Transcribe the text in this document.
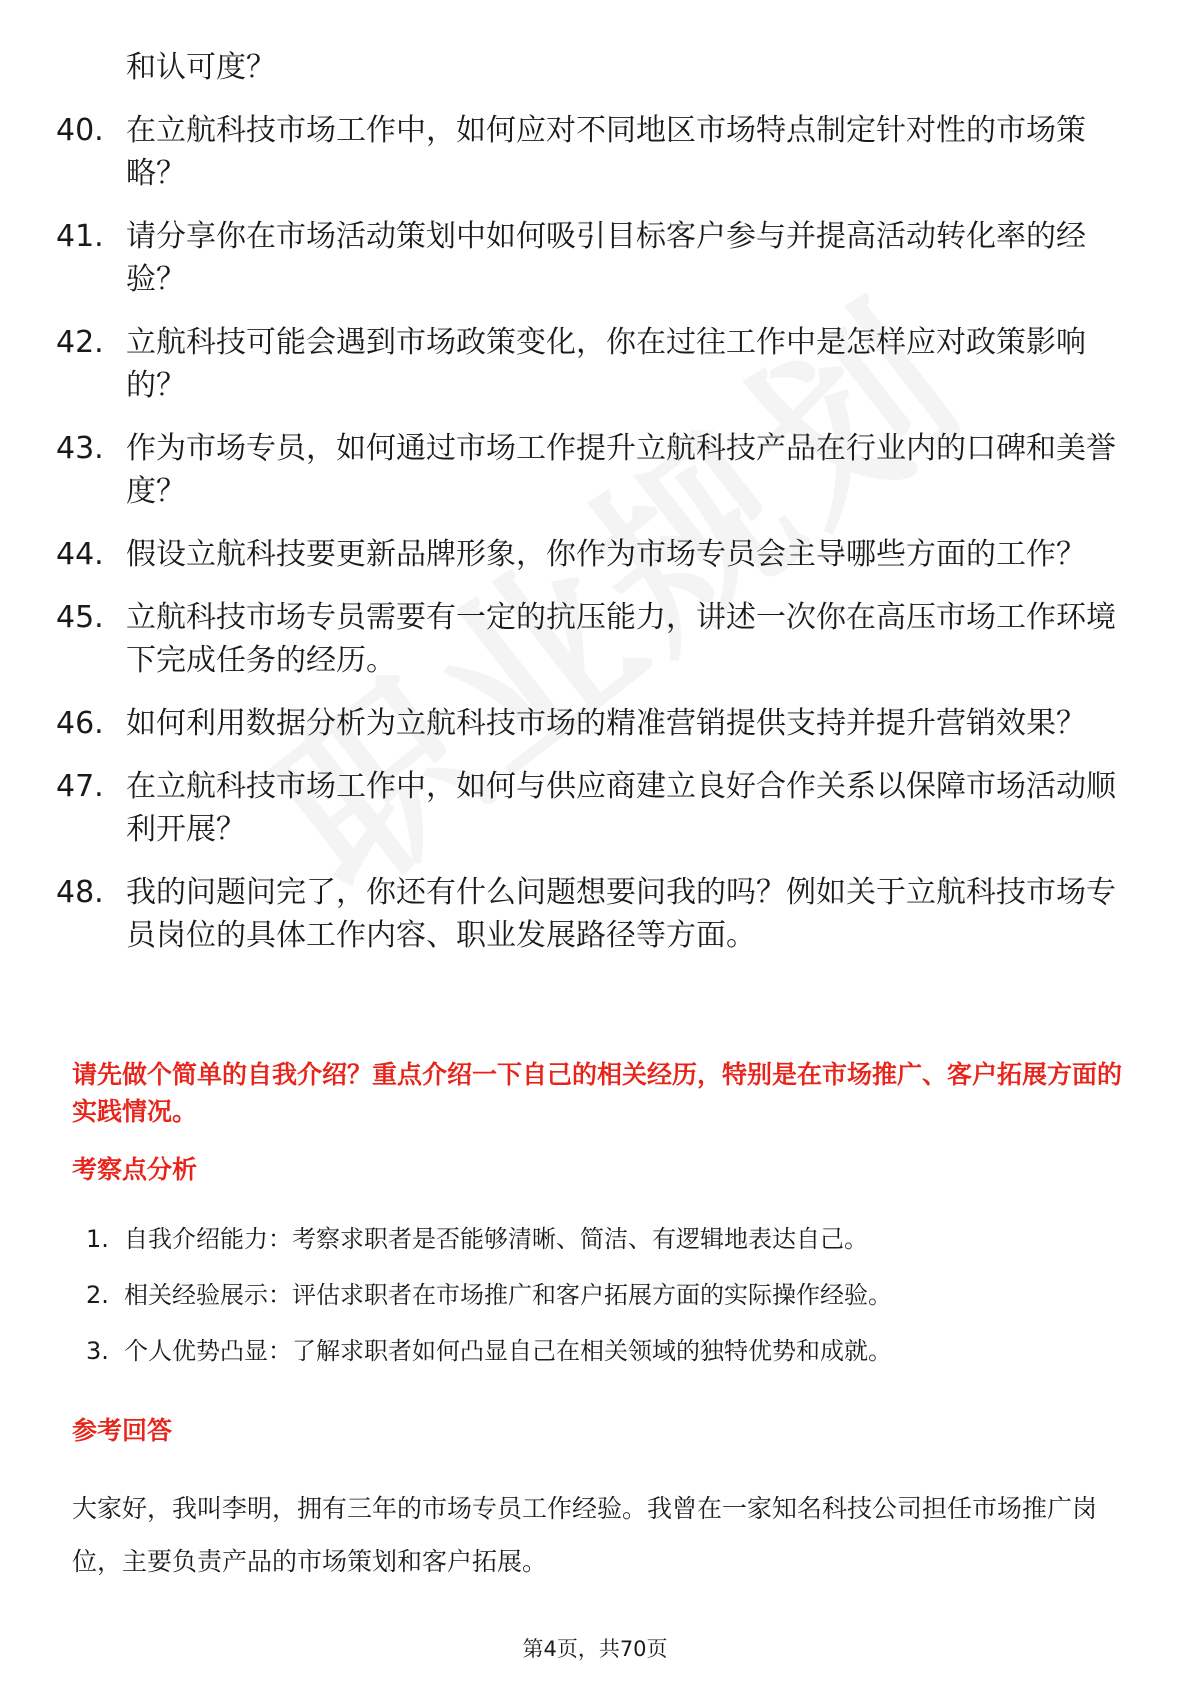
和认可度？
40. 在立航科技市场工作中，如何应对不同地区市场特点制定针对性的市场策略？
41. 请分享你在市场活动策划中如何吸引目标客户参与并提高活动转化率的经验？
42. 立航科技可能会遇到市场政策变化，你在过往工作中是怎样应对政策影响的？
43. 作为市场专员，如何通过市场工作提升立航科技产品在行业内的口碑和美誉度？
44. 假设立航科技要更新品牌形象，你作为市场专员会主导哪些方面的工作？
45. 立航科技市场专员需要有一定的抗压能力，讲述一次你在高压市场工作环境下完成任务的经历。
46. 如何利用数据分析为立航科技市场的精准营销提供支持并提升营销效果？
47. 在立航科技市场工作中，如何与供应商建立良好合作关系以保障市场活动顺利开展？
48. 我的问题问完了，你还有什么问题想要问我的吗？例如关于立航科技市场专员岗位的具体工作内容、职业发展路径等方面。
请先做个简单的自我介绍？重点介绍一下自己的相关经历，特别是在市场推广、客户拓展方面的实践情况。
考察点分析
1. 自我介绍能力：考察求职者是否能够清晰、简洁、有逻辑地表达自己。
2. 相关经验展示：评估求职者在市场推广和客户拓展方面的实际操作经验。
3. 个人优势凸显：了解求职者如何凸显自己在相关领域的独特优势和成就。
参考回答
大家好，我叫李明，拥有三年的市场专员工作经验。我曾在一家知名科技公司担任市场推广岗位，主要负责产品的市场策划和客户拓展。
第4页，共70页
